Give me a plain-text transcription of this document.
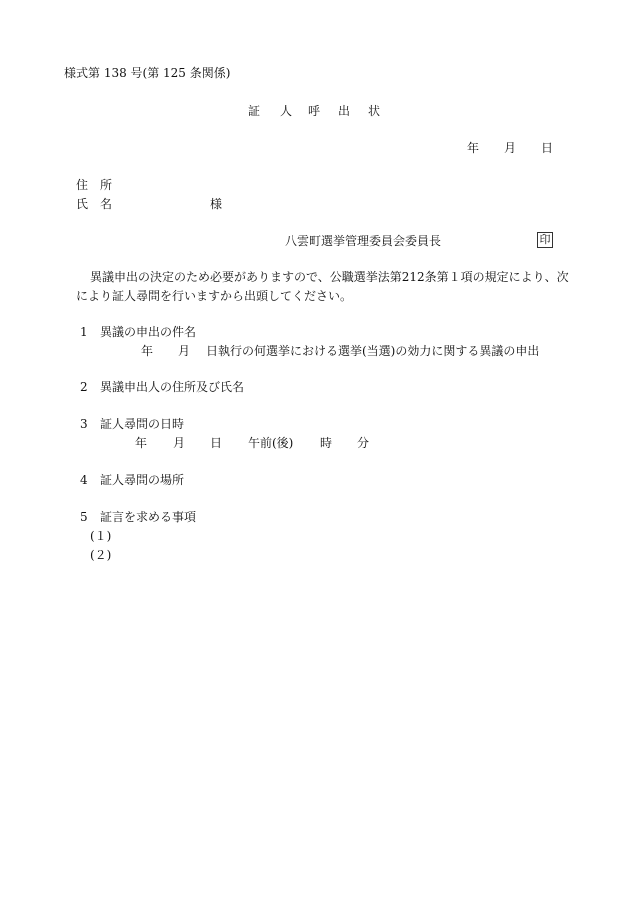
様式第 138 号(第 125 条関係)
証 人 呼 出 状
年 月 日
住　所
氏　名	様
八雲町選挙管理委員会委員長	印
異議申出の決定のため必要がありますので、公職選挙法第212条第１項の規定により、次
により証人尋問を行いますから出頭してください。
1 異議の申出の件名
年 月 日執行の何選挙における選挙(当選)の効力に関する異議の申出
2 異議申出人の住所及び氏名
3 証人尋問の日時
年 月 日 午前(後) 時 分
4 証人尋問の場所
5 証言を求める事項
(１)
(２)
